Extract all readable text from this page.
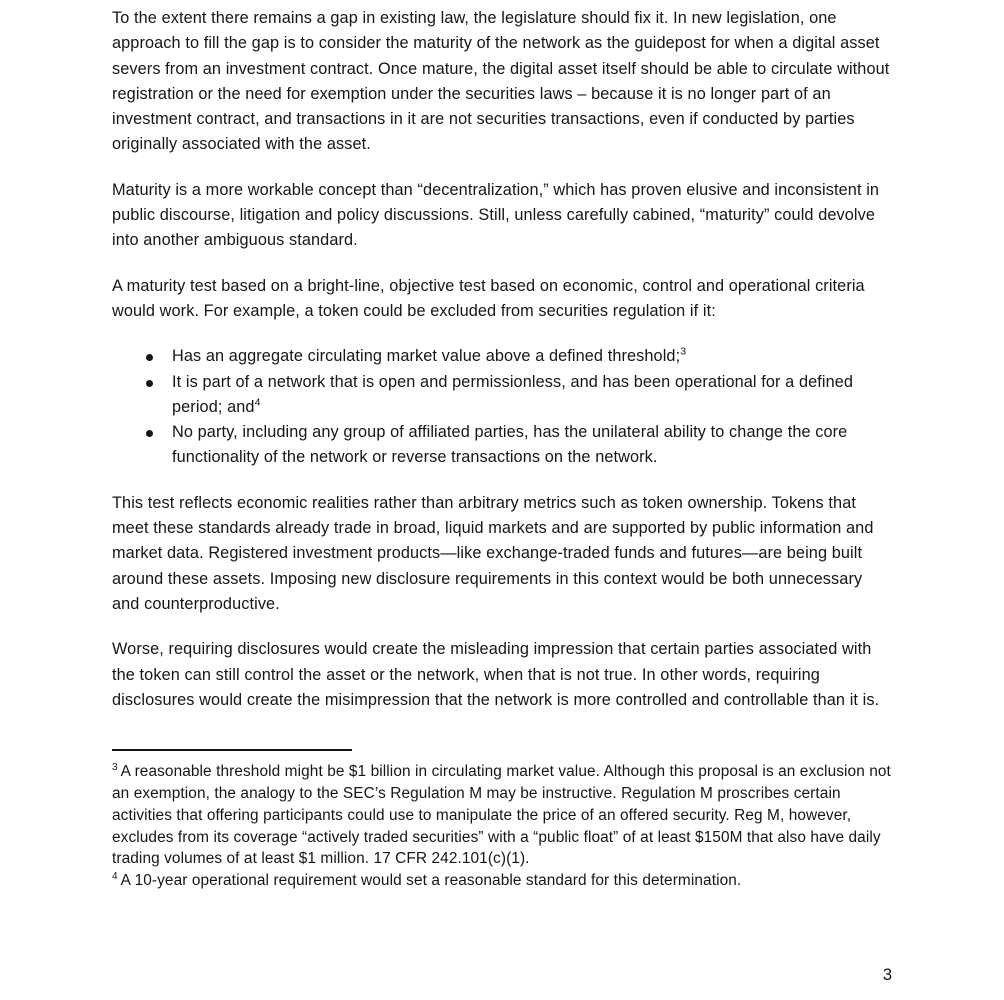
To the extent there remains a gap in existing law, the legislature should fix it. In new legislation, one approach to fill the gap is to consider the maturity of the network as the guidepost for when a digital asset severs from an investment contract. Once mature, the digital asset itself should be able to circulate without registration or the need for exemption under the securities laws – because it is no longer part of an investment contract, and transactions in it are not securities transactions, even if conducted by parties originally associated with the asset.

Maturity is a more workable concept than “decentralization,” which has proven elusive and inconsistent in public discourse, litigation and policy discussions. Still, unless carefully cabined, “maturity” could devolve into another ambiguous standard.

A maturity test based on a bright-line, objective test based on economic, control and operational criteria would work. For example, a token could be excluded from securities regulation if it:

Has an aggregate circulating market value above a defined threshold;$^3$
It is part of a network that is open and permissionless, and has been operational for a defined period; and$^4$
No party, including any group of affiliated parties, has the unilateral ability to change the core functionality of the network or reverse transactions on the network.

This test reflects economic realities rather than arbitrary metrics such as token ownership. Tokens that meet these standards already trade in broad, liquid markets and are supported by public information and market data. Registered investment products—like exchange-traded funds and futures—are being built around these assets. Imposing new disclosure requirements in this context would be both unnecessary and counterproductive.

Worse, requiring disclosures would create the misleading impression that certain parties associated with the token can still control the asset or the network, when that is not true. In other words, requiring disclosures would create the misimpression that the network is more controlled and controllable than it is.

$^3$ A reasonable threshold might be $1 billion in circulating market value. Although this proposal is an exclusion not an exemption, the analogy to the SEC’s Regulation M may be instructive. Regulation M proscribes certain activities that offering participants could use to manipulate the price of an offered security. Reg M, however, excludes from its coverage “actively traded securities” with a “public float” of at least $150M that also have daily trading volumes of at least $1 million. 17 CFR 242.101(c)(1).
$^4$ A 10-year operational requirement would set a reasonable standard for this determination.
3
